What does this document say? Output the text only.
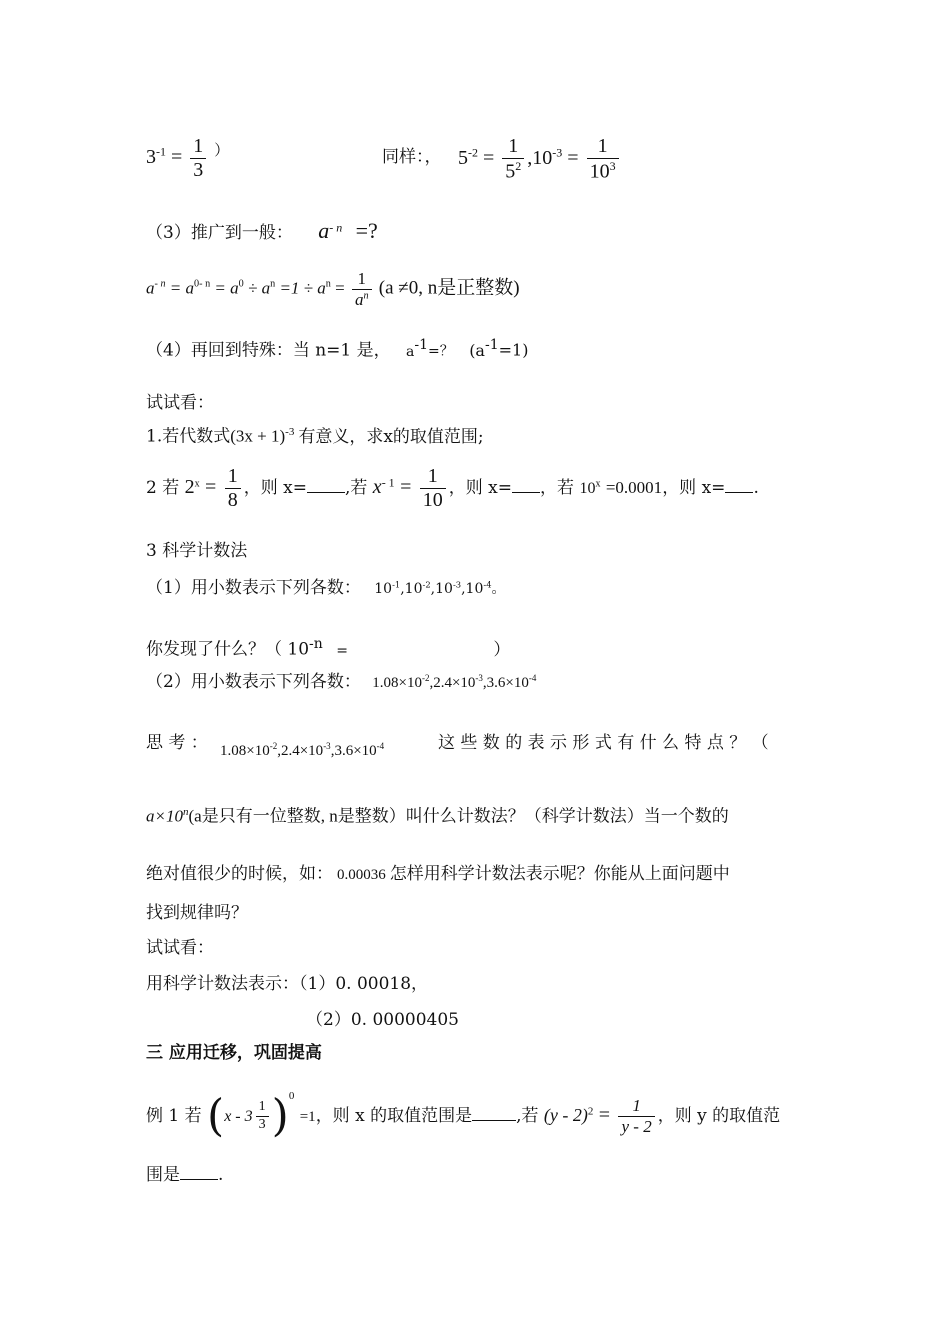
$3^{-1} = \frac{1}{3} ^)$	同样：， $5^{-2} = \frac{1}{5^2} ,10^{-3} = \frac{1}{10^3}$
（3）推广到一般： $a^{- n}$ =?
$a^{- n} = a^{0- n} = a^0 \div a^n =1 \div a^n = \frac{1}{a^n} (a \ne 0$, n是正整数)
（4）再回到特殊：当 n=1 是， $a^{-1}=$？ $(a^{-1}=1)$
试试看：
1.若代数式$(3x + 1)^{-3}$ 有意义，求x的取值范围;
2 若 $2^x = \frac{1}{8}$ ，则 x= ,若 $x^{- 1} = \frac{1}{10}$ ，则 x= ，若 $10^x =0.0001$，则 x= .
3 科学计数法
（1）用小数表示下列各数： $10^{-1},10^{-2},10^{-3},10^{-4}$。
你发现了什么？（ $10^{-n}$ =	）
（2）用小数表示下列各数： $1.08\times 10^{-2},2.4\times 10^{-3},3.6\times 10^{-4}$
思 考 ： $1.08\times 10^{-2},2.4\times 10^{-3},3.6\times 10^{-4}$	这 些 数 的 表 示 形 式 有 什 么 特 点 ？ （
$a\times 10^n(a$是只有一位整数, n是整数）叫什么计数法？（科学计数法）当一个数的
绝对值很少的时候，如： 0.00036 怎样用科学计数法表示呢？你能从上面问题中
找到规律吗？
试试看：
用科学计数法表示：（1）0. 00018，
（2）0. 00000405
三 应用迁移，巩固提高
例 1 若 $(x - 3 \frac{1}{3} )^0 =1$，则 x 的取值范围是	,若 $(y - 2)^2 = \frac{1}{y - 2}$ ，则 y 的取值范
围是 .
